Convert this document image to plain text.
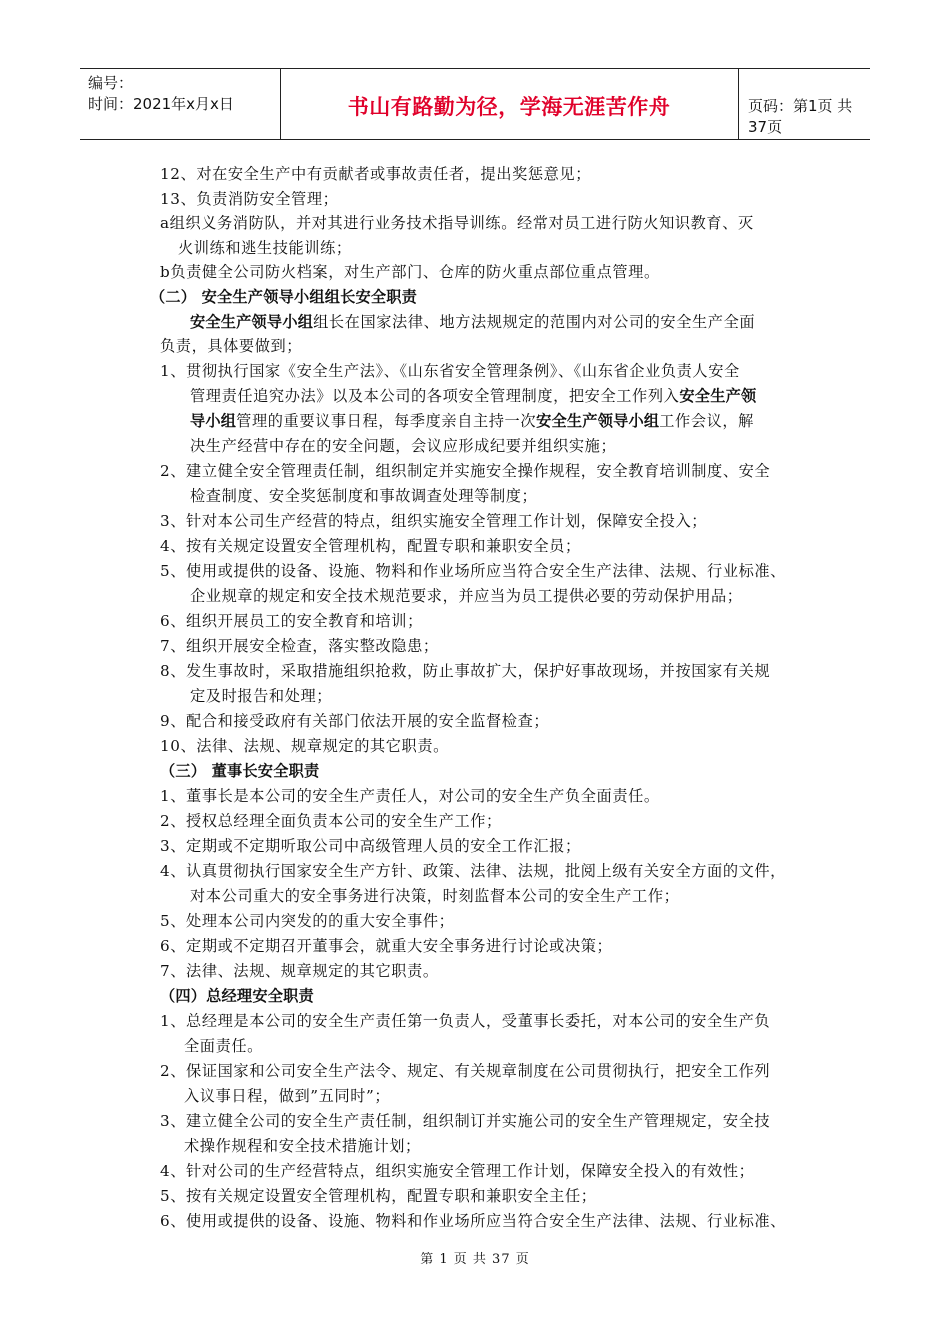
编号：
时间：2021年x月x日	书山有路勤为径，学海无涯苦作舟	页码：第1页 共37页
12、对在安全生产中有贡献者或事故责任者，提出奖惩意见；
13、负责消防安全管理；
a组织义务消防队，并对其进行业务技术指导训练。经常对员工进行防火知识教育、灭
火训练和逃生技能训练；
b负责健全公司防火档案，对生产部门、仓库的防火重点部位重点管理。
（二） 安全生产领导小组组长安全职责
安全生产领导小组组长在国家法律、地方法规规定的范围内对公司的安全生产全面
负责，具体要做到；
1、贯彻执行国家《安全生产法》、《山东省安全管理条例》、《山东省企业负责人安全
管理责任追究办法》以及本公司的各项安全管理制度，把安全工作列入安全生产领
导小组管理的重要议事日程，每季度亲自主持一次安全生产领导小组工作会议，解
决生产经营中存在的安全问题，会议应形成纪要并组织实施；
2、建立健全安全管理责任制，组织制定并实施安全操作规程，安全教育培训制度、安全
检查制度、安全奖惩制度和事故调查处理等制度；
3、针对本公司生产经营的特点，组织实施安全管理工作计划，保障安全投入；
4、按有关规定设置安全管理机构，配置专职和兼职安全员；
5、使用或提供的设备、设施、物料和作业场所应当符合安全生产法律、法规、行业标准、
企业规章的规定和安全技术规范要求，并应当为员工提供必要的劳动保护用品；
6、组织开展员工的安全教育和培训；
7、组织开展安全检查，落实整改隐患；
8、发生事故时，采取措施组织抢救，防止事故扩大，保护好事故现场，并按国家有关规
定及时报告和处理；
9、配合和接受政府有关部门依法开展的安全监督检查；
10、法律、法规、规章规定的其它职责。
（三） 董事长安全职责
1、董事长是本公司的安全生产责任人，对公司的安全生产负全面责任。
2、授权总经理全面负责本公司的安全生产工作；
3、定期或不定期听取公司中高级管理人员的安全工作汇报；
4、认真贯彻执行国家安全生产方针、政策、法律、法规，批阅上级有关安全方面的文件，
对本公司重大的安全事务进行决策，时刻监督本公司的安全生产工作；
5、处理本公司内突发的的重大安全事件；
6、定期或不定期召开董事会，就重大安全事务进行讨论或决策；
7、法律、法规、规章规定的其它职责。
（四）总经理安全职责
1、总经理是本公司的安全生产责任第一负责人，受董事长委托，对本公司的安全生产负
全面责任。
2、保证国家和公司安全生产法令、规定、有关规章制度在公司贯彻执行，把安全工作列
入议事日程，做到”五同时”；
3、建立健全公司的安全生产责任制，组织制订并实施公司的安全生产管理规定，安全技
术操作规程和安全技术措施计划；
4、针对公司的生产经营特点，组织实施安全管理工作计划，保障安全投入的有效性；
5、按有关规定设置安全管理机构，配置专职和兼职安全主任；
6、使用或提供的设备、设施、物料和作业场所应当符合安全生产法律、法规、行业标准、
第 1 页 共 37 页
